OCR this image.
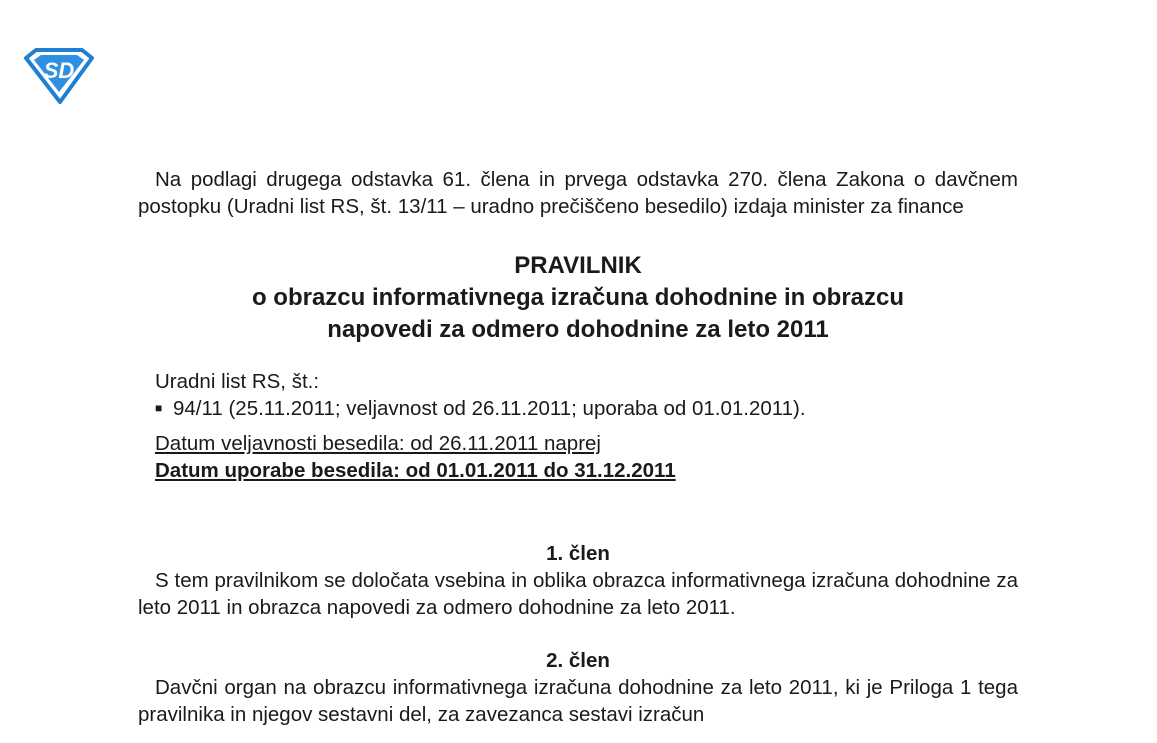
SD

Na podlagi drugega odstavka 61. člena in prvega odstavka 270. člena Zakona o davčnem postopku (Uradni list RS, št. 13/11 – uradno prečiščeno besedilo) izdaja minister za finance

PRAVILNIK
o obrazcu informativnega izračuna dohodnine in obrazcu
napovedi za odmero dohodnine za leto 2011
Uradni list RS, št.:
■ 94/11 (25.11.2011; veljavnost od 26.11.2011; uporaba od 01.01.2011).
Datum veljavnosti besedila: od 26.11.2011 naprej
Datum uporabe besedila: od 01.01.2011 do 31.12.2011
1. člen

S tem pravilnikom se določata vsebina in oblika obrazca informativnega izračuna dohodnine za leto 2011 in obrazca napovedi za odmero dohodnine za leto 2011.

2. člen

Davčni organ na obrazcu informativnega izračuna dohodnine za leto 2011, ki je Priloga 1 tega pravilnika in njegov sestavni del, za zavezanca sestavi izračun
